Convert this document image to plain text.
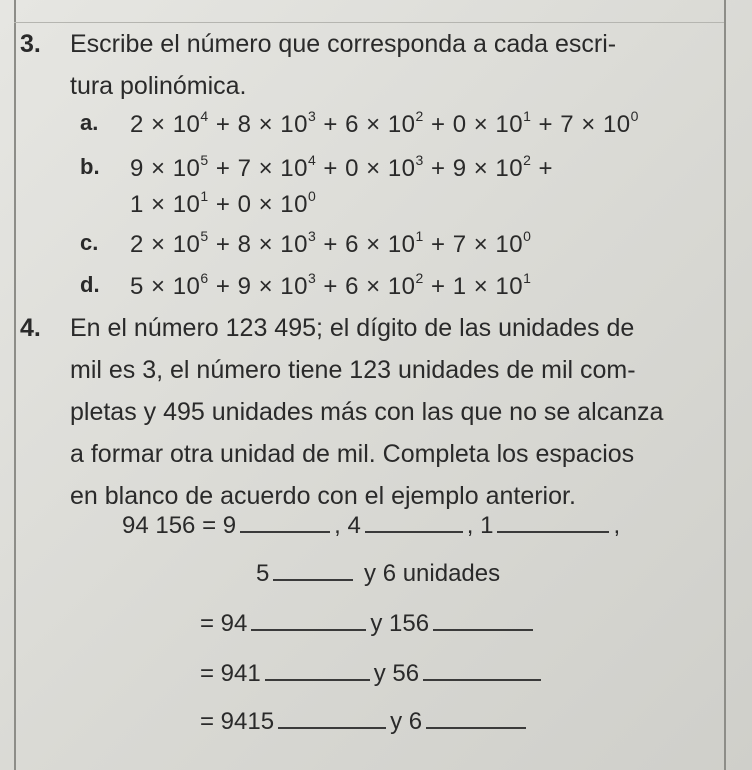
3. Escribe el número que corresponda a cada escri-
tura polinómica.
a. $2 \times 10^4 + 8 \times 10^3 + 6 \times 10^2 + 0 \times 10^1 + 7 \times 10^0$
b. $9 \times 10^5 + 7 \times 10^4 + 0 \times 10^3 + 9 \times 10^2$ +
$1 \times 10^1 + 0 \times 10^0$
c. $2 \times 10^5 + 8 \times 10^3 + 6 \times 10^1 + 7 \times 10^0$
d. $5 \times 10^6 + 9 \times 10^3 + 6 \times 10^2 + 1 \times 10^1$
4. En el número 123 495; el dígito de las unidades de
mil es 3, el número tiene 123 unidades de mil com-
pletas y 495 unidades más con las que no se alcanza
a formar otra unidad de mil. Completa los espacios
en blanco de acuerdo con el ejemplo anterior.
94 156 = 9	, 4	, 1	,
5	y 6 unidades
= 94	y 156
= 941	y 56
= 9415	y 6
